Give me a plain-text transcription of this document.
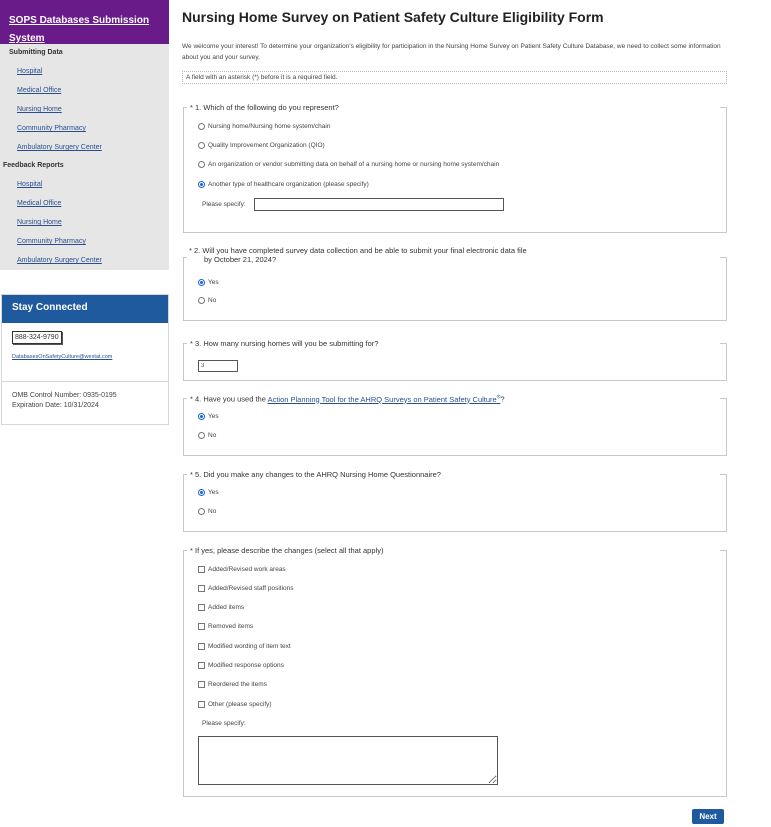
SOPS Databases Submission System
Submitting Data
Hospital
Medical Office
Nursing Home
Community Pharmacy
Ambulatory Surgery Center
Feedback Reports
Hospital
Medical Office
Nursing Home
Community Pharmacy
Ambulatory Surgery Center
Stay Connected
888-324-9790
DatabasesOnSafetyCulture@westat.com
OMB Control Number: 0935-0195
Expiration Date: 10/31/2024
Nursing Home Survey on Patient Safety Culture Eligibility Form
We welcome your interest! To determine your organization's eligibility for participation in the Nursing Home Survey on Patient Safety Culture Database, we need to collect some information about you and your survey.
A field with an asterisk (*) before it is a required field.
* 1. Which of the following do you represent?
Nursing home/Nursing home system/chain
Quality Improvement Organization (QIO)
An organization or vendor submitting data on behalf of a nursing home or nursing home system/chain
Another type of healthcare organization (please specify)
Please specify:
* 2. Will you have completed survey data collection and be able to submit your final electronic data file
by October 21, 2024?
Yes
No
* 3. How many nursing homes will you be submitting for?
3
* 4. Have you used the Action Planning Tool for the AHRQ Surveys on Patient Safety Culture®?
Yes
No
* 5. Did you make any changes to the AHRQ Nursing Home Questionnaire?
Yes
No
* If yes, please describe the changes (select all that apply)
Added/Revised work areas
Added/Revised staff positions
Added items
Removed items
Modified wording of item text
Modified response options
Reordered the items
Other (please specify)
Please specify:
Next
